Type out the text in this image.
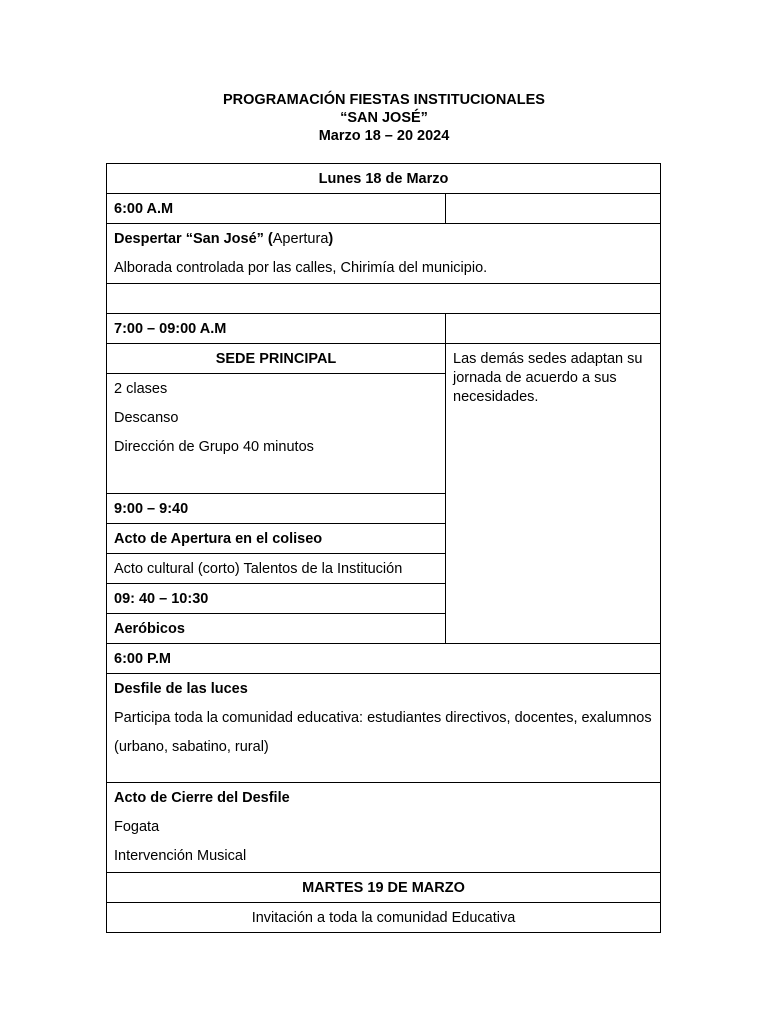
PROGRAMACIÓN FIESTAS INSTITUCIONALES
“SAN JOSÉ”
Marzo 18 – 20 2024
Lunes 18 de Marzo
6:00 A.M

Despertar “San José” (Apertura)

Alborada controlada por las calles, Chirimía del municipio.

7:00 – 09:00 A.M
SEDE PRINCIPAL	Las demás sedes adaptan su jornada de acuerdo a sus necesidades.

2 clases

Descanso

Dirección de Grupo 40 minutos

9:00 – 9:40
Acto de Apertura en el coliseo
Acto cultural (corto) Talentos de la Institución
09: 40 – 10:30
Aeróbicos
6:00 P.M

Desfile de las luces

Participa toda la comunidad educativa: estudiantes directivos, docentes, exalumnos

(urbano, sabatino, rural)

Acto de Cierre del Desfile

Fogata

Intervención Musical

MARTES 19 DE MARZO
Invitación a toda la comunidad Educativa
